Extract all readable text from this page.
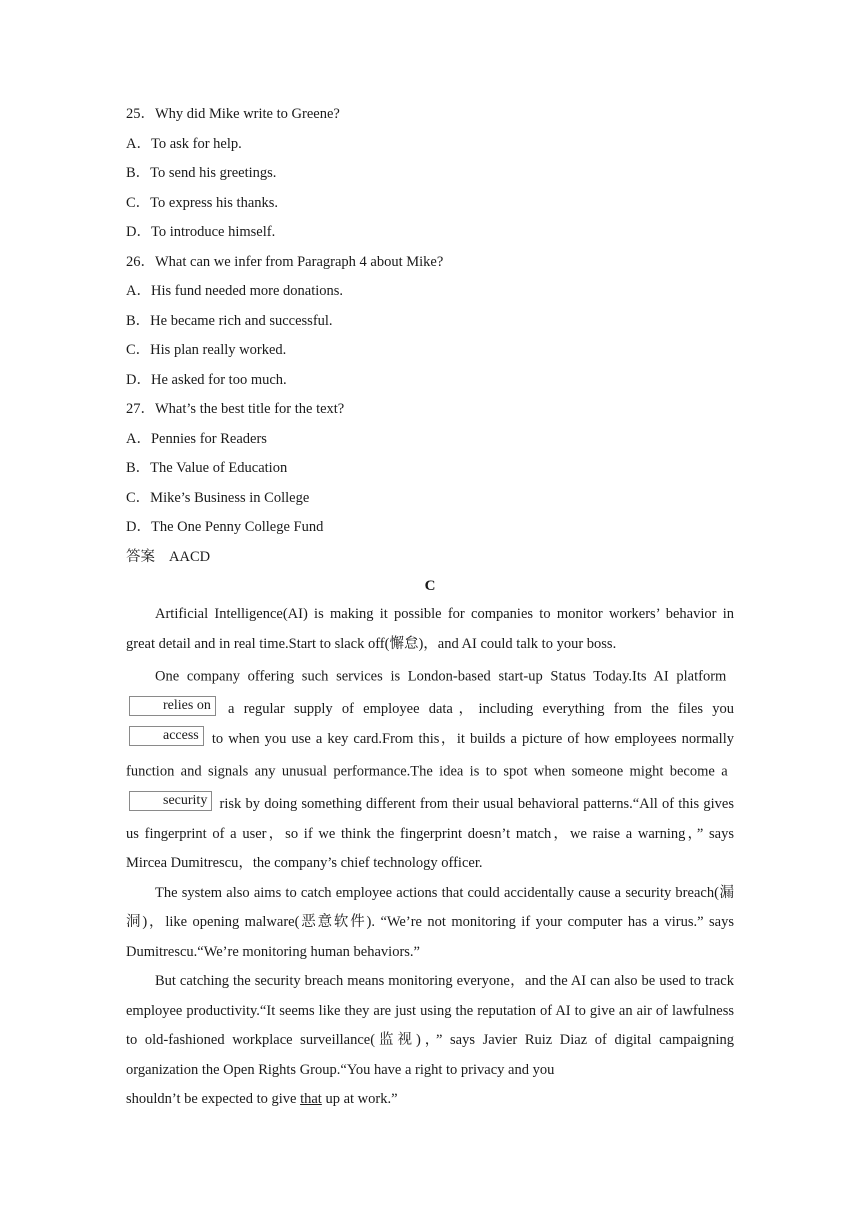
25．Why did Mike write to Greene?
A．To ask for help.
B．To send his greetings.
C．To express his thanks.
D．To introduce himself.
26．What can we infer from Paragraph 4 about Mike?
A．His fund needed more donations.
B．He became rich and successful.
C．His plan really worked.
D．He asked for too much.
27．What’s the best title for the text?
A．Pennies for Readers
B．The Value of Education
C．Mike’s Business in College
D．The One Penny College Fund
答案 AACD
C

Artificial Intelligence(AI) is making it possible for companies to monitor workers’ behavior in great detail and in real time.Start to slack off(懈怠)，and AI could talk to your boss.

One company offering such services is London-based start-up Status Today.Its AI platform relies on a regular supply of employee data，including everything from the files you access to when you use a key card.From this，it builds a picture of how employees normally function and signals any unusual performance.The idea is to spot when someone might become a security risk by doing something different from their usual behavioral patterns.“All of this gives us fingerprint of a user，so if we think the fingerprint doesn’t match，we raise a warning，” says Mircea Dumitrescu，the company’s chief technology officer.

The system also aims to catch employee actions that could accidentally cause a security breach(漏洞)，like opening malware(恶意软件). “We’re not monitoring if your computer has a virus.” says Dumitrescu.“We’re monitoring human behaviors.”

But catching the security breach means monitoring everyone，and the AI can also be used to track employee productivity.“It seems like they are just using the reputation of AI to give an air of lawfulness to old-fashioned workplace surveillance(监视)，” says Javier Ruiz Diaz of digital campaigning organization the Open Rights Group.“You have a right to privacy and you

shouldn’t be expected to give that up at work.”
